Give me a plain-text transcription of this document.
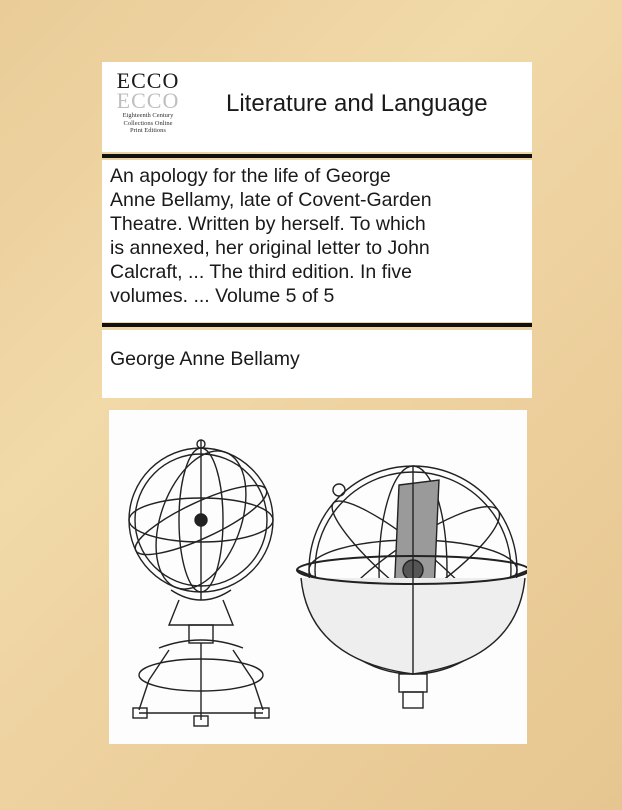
ECCO
ECCO
Eighteenth Century
Collections Online
Print Editions
Literature and Language
An apology for the life of George
Anne Bellamy, late of Covent-Garden
Theatre. Written by herself. To which
is annexed, her original letter to John
Calcraft, ... The third edition. In five
volumes. ... Volume 5 of 5
George Anne Bellamy
